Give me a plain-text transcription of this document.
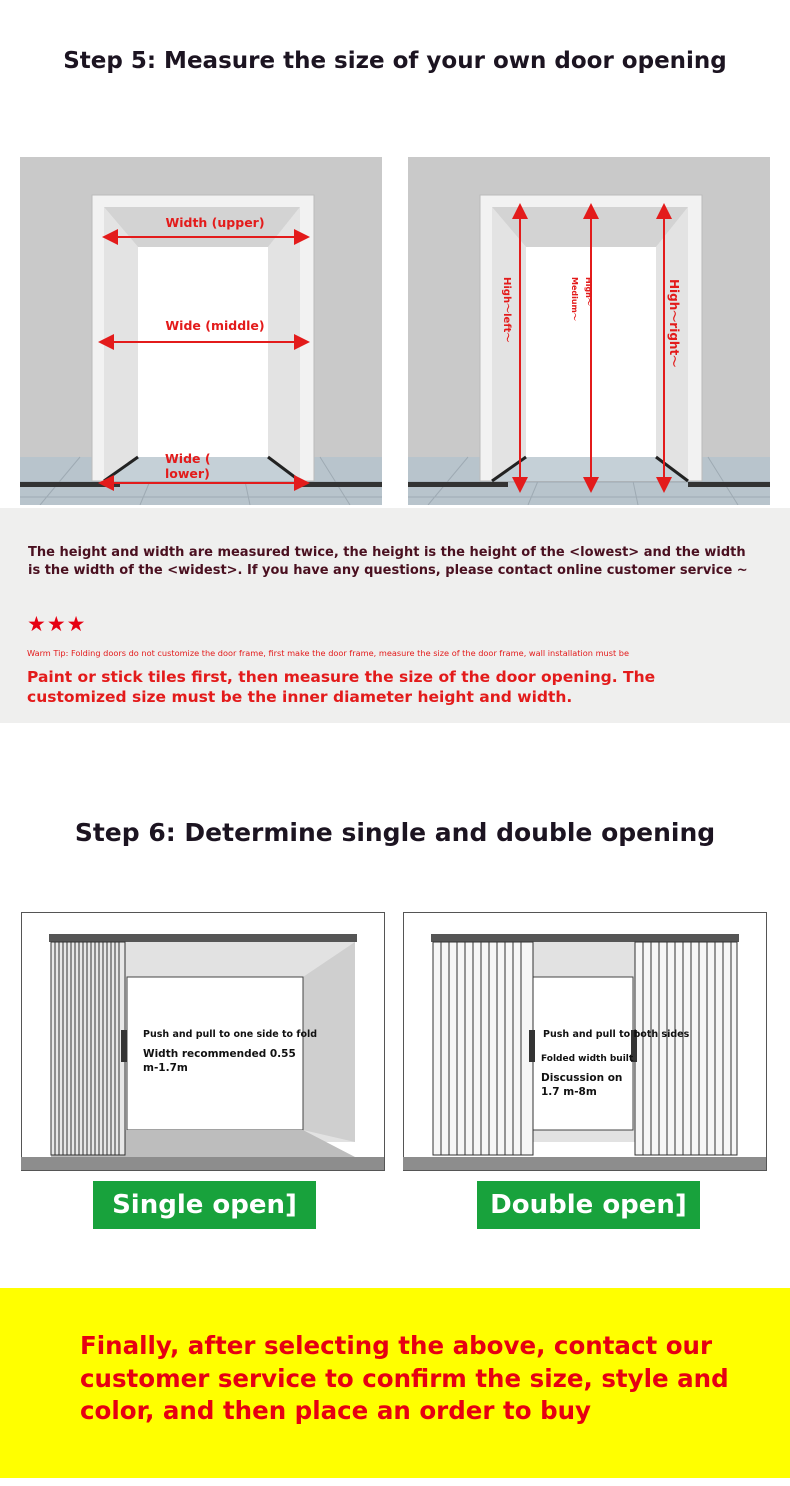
Step 5: Measure the size of your own door opening
Width (upper)
Wide (middle)
Wide (
lower)
High～left～	High～
Medium～	High～right～
The height and width are measured twice, the height is the height of the <lowest> and the width is the width of the <widest>. If you have any questions, please contact online customer service ~
★★★
Warm Tip: Folding doors do not customize the door frame, first make the door frame, measure the size of the door frame, wall installation must be
Paint or stick tiles first, then measure the size of the door opening. The customized size must be the inner diameter height and width.
Step 6: Determine single and double opening
Push and pull to one side to fold
Width recommended 0.55
m-1.7m
Push and pull to both sides
Folded width built
Discussion on
1.7 m-8m
Single open]	Double open]
Finally, after selecting the above, contact our customer service to confirm the size, style and color, and then place an order to buy
